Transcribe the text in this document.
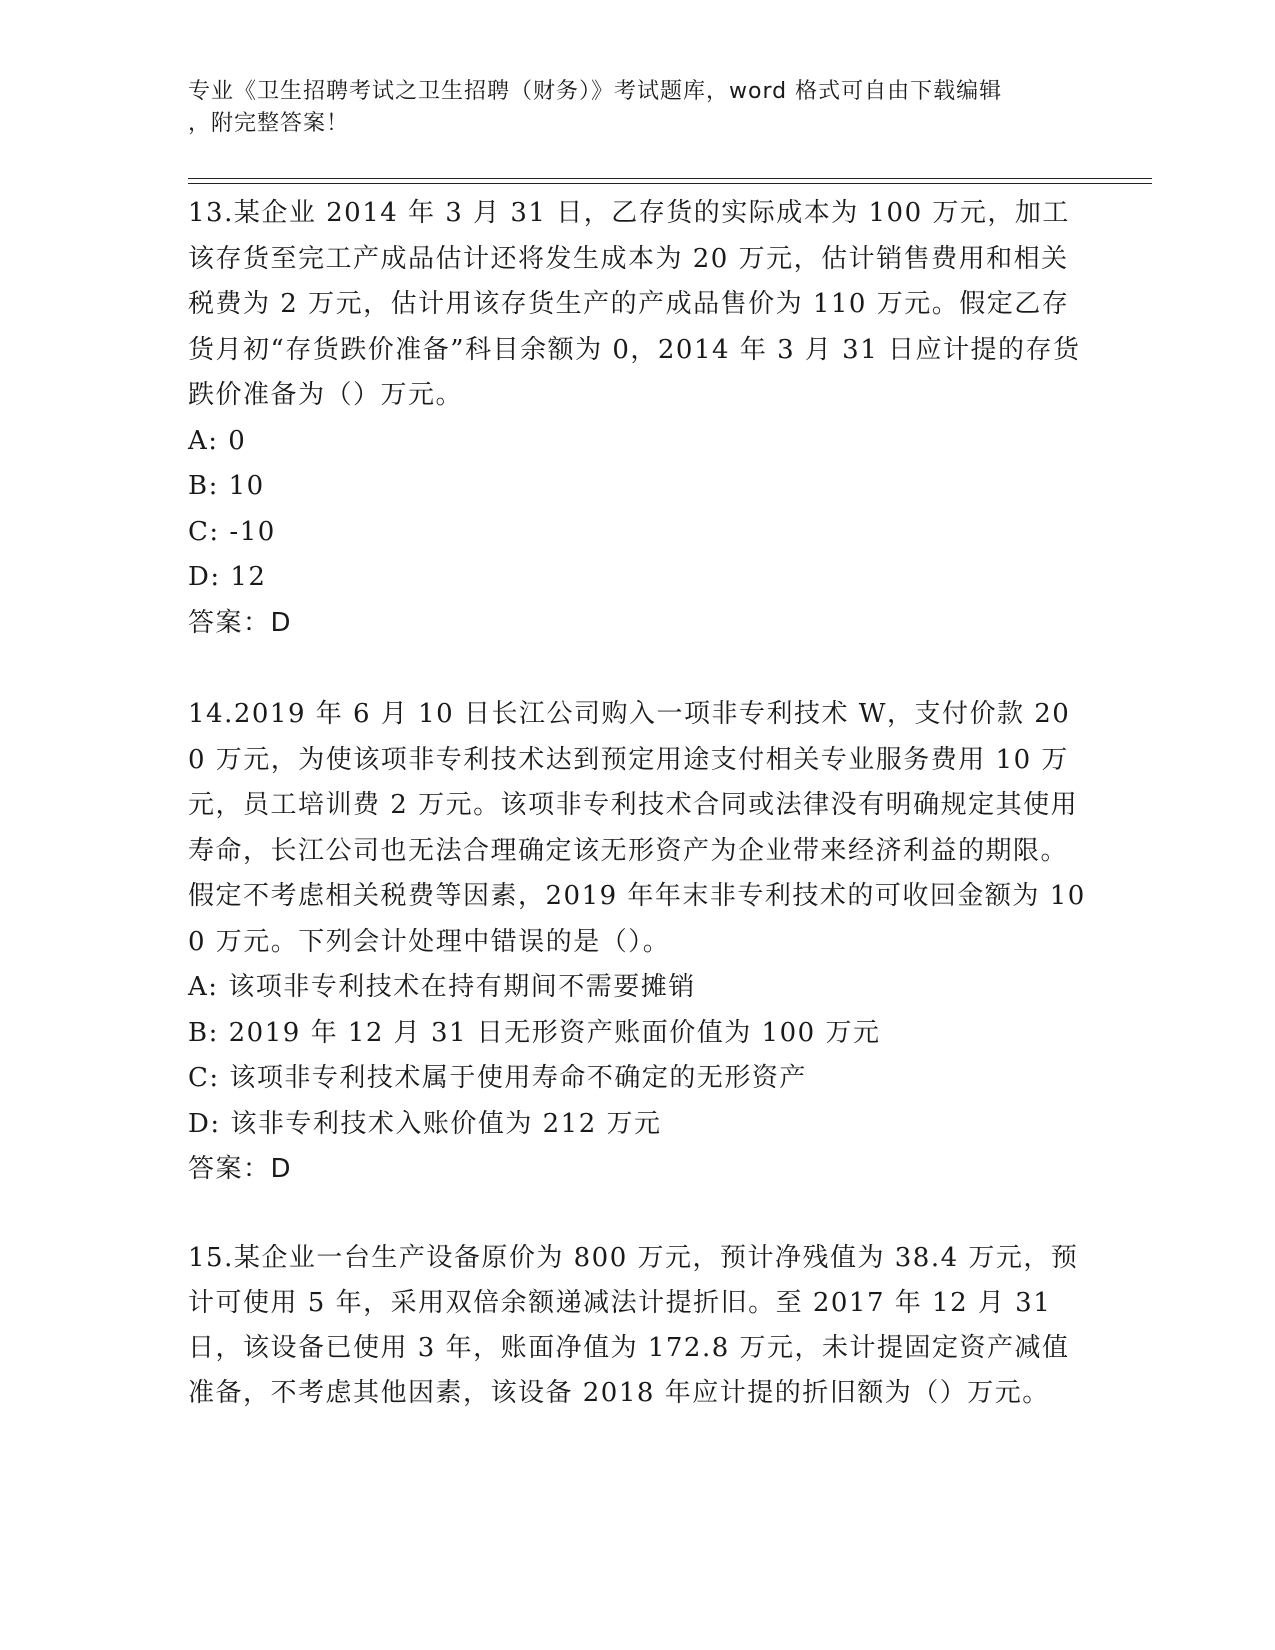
专业《卫生招聘考试之卫生招聘（财务）》考试题库，word 格式可自由下载编辑
，附完整答案！

13.某企业 2014 年 3 月 31 日，乙存货的实际成本为 100 万元，加工该存货至完工产成品估计还将发生成本为 20 万元，估计销售费用和相关税费为 2 万元，估计用该存货生产的产成品售价为 110 万元。假定乙存货月初“存货跌价准备”科目余额为 0，2014 年 3 月 31 日应计提的存货跌价准备为（）万元。

A: 0

B: 10

C: -10

D: 12

答案：D

14.2019 年 6 月 10 日长江公司购入一项非专利技术 W，支付价款 200 万元，为使该项非专利技术达到预定用途支付相关专业服务费用 10 万元，员工培训费 2 万元。该项非专利技术合同或法律没有明确规定其使用寿命，长江公司也无法合理确定该无形资产为企业带来经济利益的期限。假定不考虑相关税费等因素，2019 年年末非专利技术的可收回金额为 100 万元。下列会计处理中错误的是（）。

A: 该项非专利技术在持有期间不需要摊销

B: 2019 年 12 月 31 日无形资产账面价值为 100 万元

C: 该项非专利技术属于使用寿命不确定的无形资产

D: 该非专利技术入账价值为 212 万元

答案：D

15.某企业一台生产设备原价为 800 万元，预计净残值为 38.4 万元，预计可使用 5 年，采用双倍余额递减法计提折旧。至 2017 年 12 月 31 日，该设备已使用 3 年，账面净值为 172.8 万元，未计提固定资产减值准备，不考虑其他因素，该设备 2018 年应计提的折旧额为（）万元。
